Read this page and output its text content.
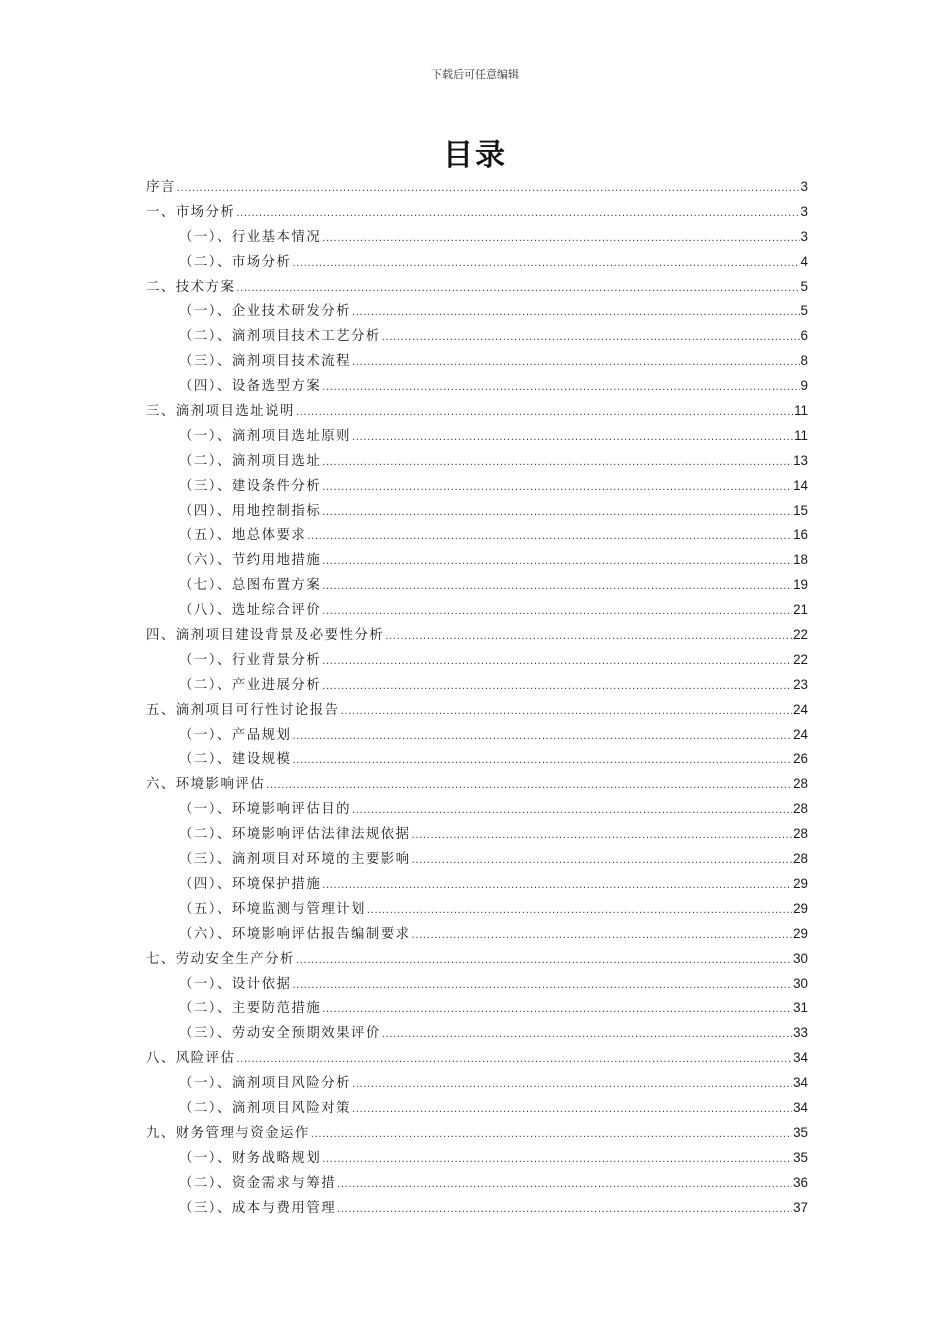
下载后可任意编辑
目录
序言 .....	3
一、市场分析 .....	3
（一）、行业基本情况 .....	3
（二）、市场分析 .....	4
二、技术方案 .....	5
（一）、企业技术研发分析 .....	5
（二）、滴剂项目技术工艺分析 .....	6
（三）、滴剂项目技术流程 .....	8
（四）、设备选型方案 .....	9
三、滴剂项目选址说明 .....	11
（一）、滴剂项目选址原则 .....	11
（二）、滴剂项目选址 .....	13
（三）、建设条件分析 .....	14
（四）、用地控制指标 .....	15
（五）、地总体要求 .....	16
（六）、节约用地措施 .....	18
（七）、总图布置方案 .....	19
（八）、选址综合评价 .....	21
四、滴剂项目建设背景及必要性分析 .....	22
（一）、行业背景分析 .....	22
（二）、产业进展分析 .....	23
五、滴剂项目可行性讨论报告 .....	24
（一）、产品规划 .....	24
（二）、建设规模 .....	26
六、环境影响评估 .....	28
（一）、环境影响评估目的 .....	28
（二）、环境影响评估法律法规依据 .....	28
（三）、滴剂项目对环境的主要影响 .....	28
（四）、环境保护措施 .....	29
（五）、环境监测与管理计划 .....	29
（六）、环境影响评估报告编制要求 .....	29
七、劳动安全生产分析 .....	30
（一）、设计依据 .....	30
（二）、主要防范措施 .....	31
（三）、劳动安全预期效果评价 .....	33
八、风险评估 .....	34
（一）、滴剂项目风险分析 .....	34
（二）、滴剂项目风险对策 .....	34
九、财务管理与资金运作 .....	35
（一）、财务战略规划 .....	35
（二）、资金需求与筹措 .....	36
（三）、成本与费用管理 .....	37
